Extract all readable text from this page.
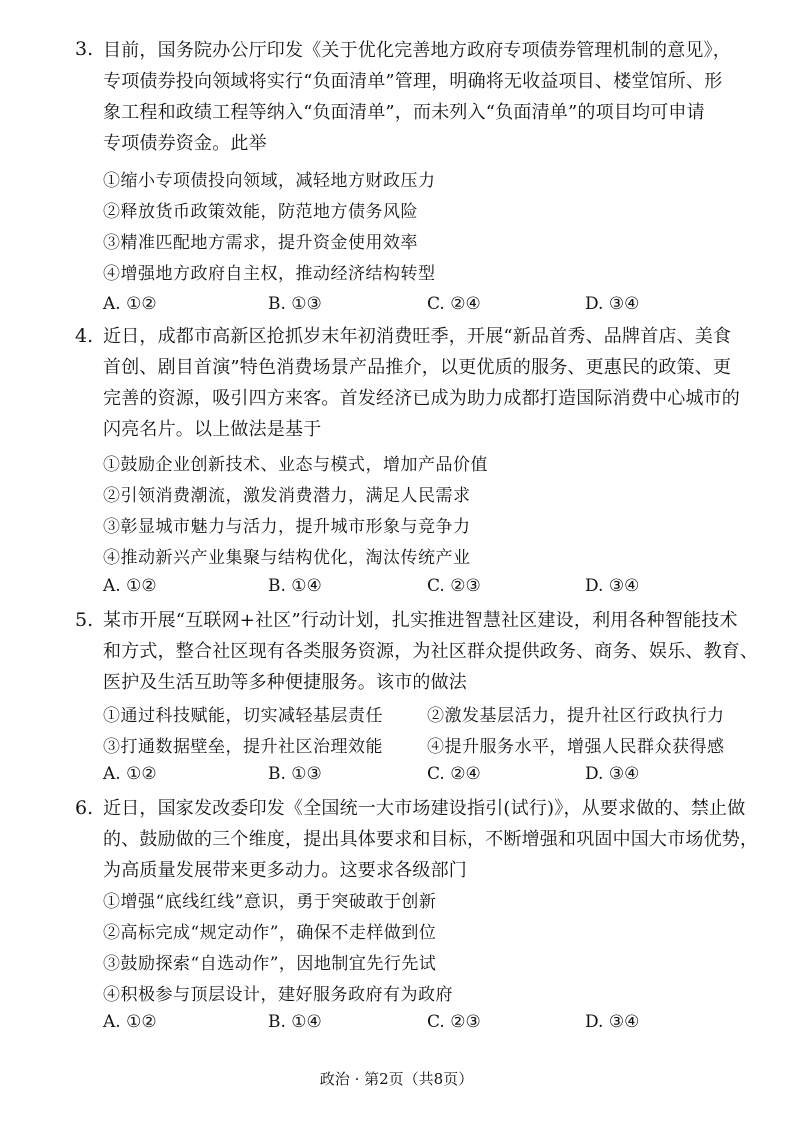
3. 目前，国务院办公厅印发《关于优化完善地方政府专项债券管理机制的意见》，
专项债券投向领域将实行“负面清单”管理，明确将无收益项目、楼堂馆所、形
象工程和政绩工程等纳入“负面清单”，而未列入“负面清单”的项目均可申请
专项债券资金。此举
①缩小专项债投向领域，减轻地方财政压力
②释放货币政策效能，防范地方债务风险
③精准匹配地方需求，提升资金使用效率
④增强地方政府自主权，推动经济结构转型
A. ①②	B. ①③	C. ②④	D. ③④
4. 近日，成都市高新区抢抓岁末年初消费旺季，开展“新品首秀、品牌首店、美食
首创、剧目首演”特色消费场景产品推介，以更优质的服务、更惠民的政策、更
完善的资源，吸引四方来客。首发经济已成为助力成都打造国际消费中心城市的
闪亮名片。以上做法是基于
①鼓励企业创新技术、业态与模式，增加产品价值
②引领消费潮流，激发消费潜力，满足人民需求
③彰显城市魅力与活力，提升城市形象与竞争力
④推动新兴产业集聚与结构优化，淘汰传统产业
A. ①②	B. ①④	C. ②③	D. ③④
5. 某市开展“互联网+社区”行动计划，扎实推进智慧社区建设，利用各种智能技术
和方式，整合社区现有各类服务资源，为社区群众提供政务、商务、娱乐、教育、
医护及生活互助等多种便捷服务。该市的做法
①通过科技赋能，切实减轻基层责任	②激发基层活力，提升社区行政执行力
③打通数据壁垒，提升社区治理效能	④提升服务水平，增强人民群众获得感
A. ①②	B. ①③	C. ②④	D. ③④
6. 近日，国家发改委印发《全国统一大市场建设指引(试行)》，从要求做的、禁止做
的、鼓励做的三个维度，提出具体要求和目标，不断增强和巩固中国大市场优势，
为高质量发展带来更多动力。这要求各级部门
①增强“底线红线”意识，勇于突破敢于创新
②高标完成“规定动作”，确保不走样做到位
③鼓励探索“自选动作”，因地制宜先行先试
④积极参与顶层设计，建好服务政府有为政府
A. ①②	B. ①④	C. ②③	D. ③④
政治 · 第2页（共8页）
